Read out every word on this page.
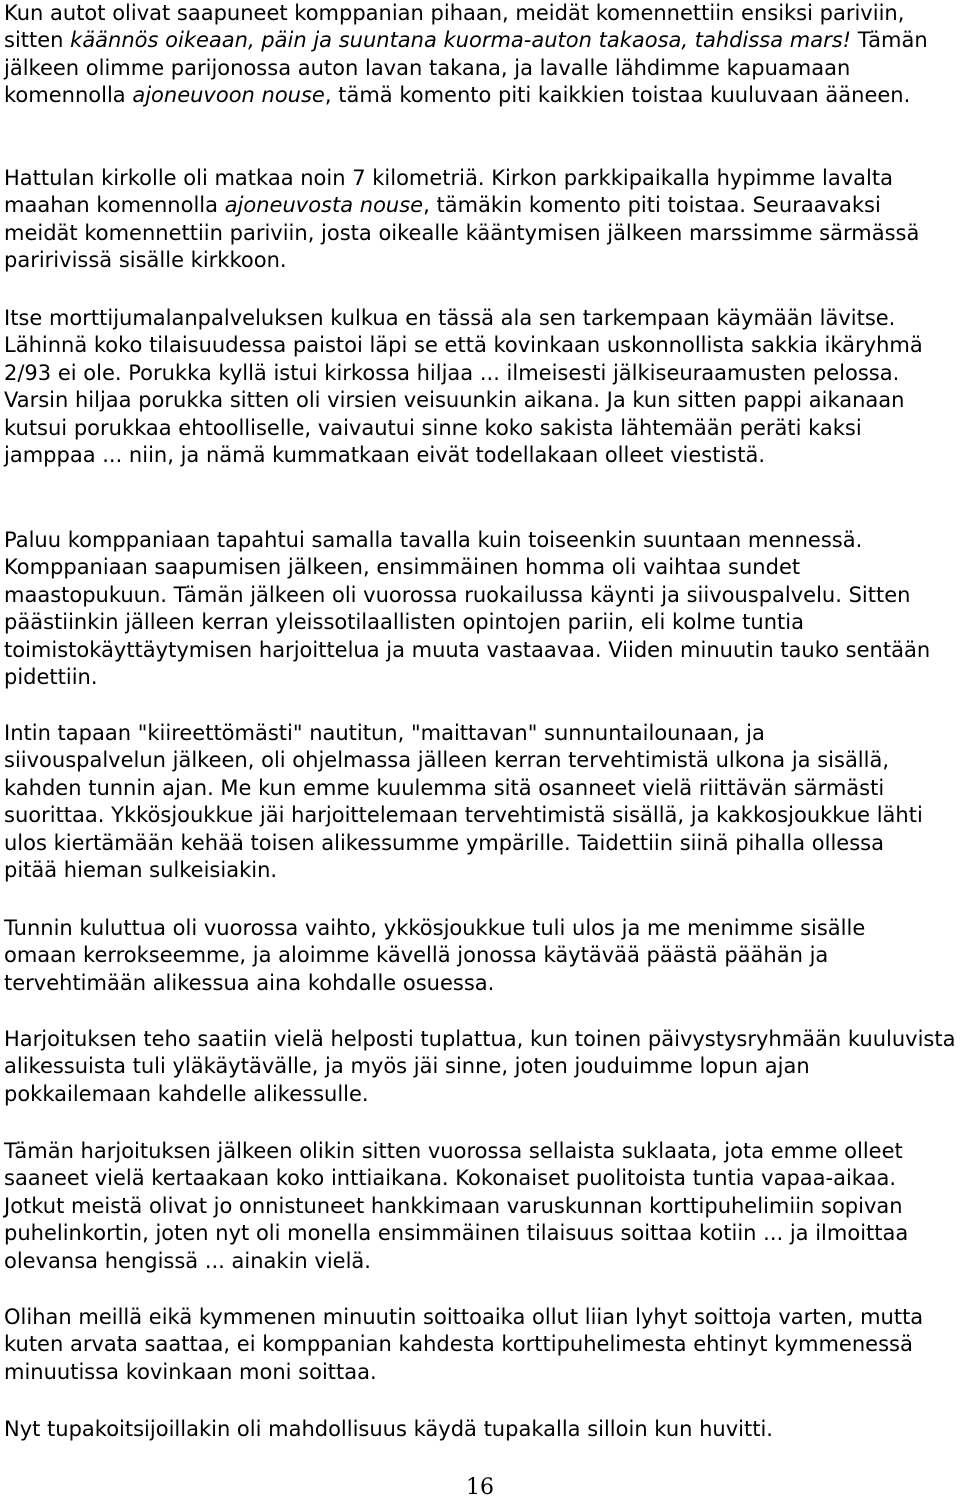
Kun autot olivat saapuneet komppanian pihaan, meidät komennettiin ensiksi pariviin, sitten käännös oikeaan, päin ja suuntana kuorma-auton takaosa, tahdissa mars! Tämän jälkeen olimme parijonossa auton lavan takana, ja lavalle lähdimme kapuamaan komennolla ajoneuvoon nouse, tämä komento piti kaikkien toistaa kuuluvaan ääneen.

Hattulan kirkolle oli matkaa noin 7 kilometriä. Kirkon parkkipaikalla hypimme lavalta maahan komennolla ajoneuvosta nouse, tämäkin komento piti toistaa. Seuraavaksi meidät komennettiin pariviin, josta oikealle kääntymisen jälkeen marssimme särmässä paririvissä sisälle kirkkoon.

Itse morttijumalanpalveluksen kulkua en tässä ala sen tarkempaan käymään lävitse. Lähinnä koko tilaisuudessa paistoi läpi se että kovinkaan uskonnollista sakkia ikäryhmä 2/93 ei ole. Porukka kyllä istui kirkossa hiljaa ... ilmeisesti jälkiseuraamusten pelossa. Varsin hiljaa porukka sitten oli virsien veisuunkin aikana. Ja kun sitten pappi aikanaan kutsui porukkaa ehtoolliselle, vaivautui sinne koko sakista lähtemään peräti kaksi jamppaa ... niin, ja nämä kummatkaan eivät todellakaan olleet viestistä.

Paluu komppaniaan tapahtui samalla tavalla kuin toiseenkin suuntaan mennessä. Komppaniaan saapumisen jälkeen, ensimmäinen homma oli vaihtaa sundet maastopukuun. Tämän jälkeen oli vuorossa ruokailussa käynti ja siivouspalvelu. Sitten päästiinkin jälleen kerran yleissotilaallisten opintojen pariin, eli kolme tuntia toimistokäyttäytymisen harjoittelua ja muuta vastaavaa. Viiden minuutin tauko sentään pidettiin.

Intin tapaan "kiireettömästi" nautitun, "maittavan" sunnuntailounaan, ja siivouspalvelun jälkeen, oli ohjelmassa jälleen kerran tervehtimistä ulkona ja sisällä, kahden tunnin ajan. Me kun emme kuulemma sitä osanneet vielä riittävän särmästi suorittaa. Ykkösjoukkue jäi harjoittelemaan tervehtimistä sisällä, ja kakkosjoukkue lähti ulos kiertämään kehää toisen alikessumme ympärille. Taidettiin siinä pihalla ollessa pitää hieman sulkeisiakin.

Tunnin kuluttua oli vuorossa vaihto, ykkösjoukkue tuli ulos ja me menimme sisälle omaan kerrokseemme, ja aloimme kävellä jonossa käytävää päästä päähän ja tervehtimään alikessua aina kohdalle osuessa.

Harjoituksen teho saatiin vielä helposti tuplattua, kun toinen päivystysryhmään kuuluvista alikessuista tuli yläkäytävälle, ja myös jäi sinne, joten jouduimme lopun ajan pokkailemaan kahdelle alikessulle.

Tämän harjoituksen jälkeen olikin sitten vuorossa sellaista suklaata, jota emme olleet saaneet vielä kertaakaan koko inttiaikana. Kokonaiset puolitoista tuntia vapaa-aikaa. Jotkut meistä olivat jo onnistuneet hankkimaan varuskunnan korttipuhelimiin sopivan puhelinkortin, joten nyt oli monella ensimmäinen tilaisuus soittaa kotiin ... ja ilmoittaa olevansa hengissä ... ainakin vielä.

Olihan meillä eikä kymmenen minuutin soittoaika ollut liian lyhyt soittoja varten, mutta kuten arvata saattaa, ei komppanian kahdesta korttipuhelimesta ehtinyt kymmenessä minuutissa kovinkaan moni soittaa.

Nyt tupakoitsijoillakin oli mahdollisuus käydä tupakalla silloin kun huvitti.

16
